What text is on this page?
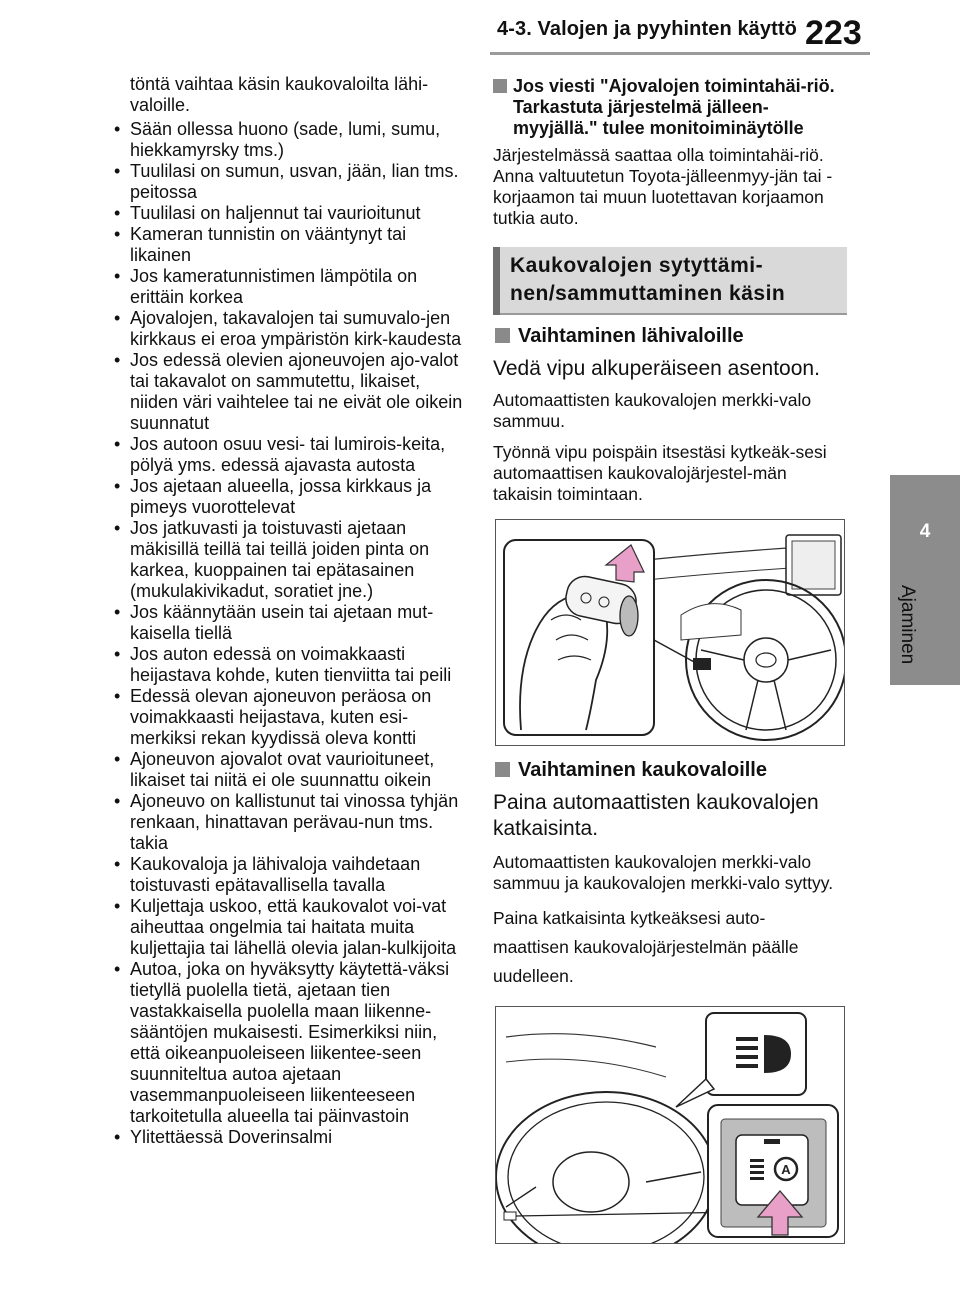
4-3. Valojen ja pyyhinten käyttö 223
4
Ajaminen
töntä vaihtaa käsin kaukovaloilta lähi-valoille.
• Sään ollessa huono (sade, lumi, sumu, hiekkamyrsky tms.)
• Tuulilasi on sumun, usvan, jään, lian tms. peitossa
• Tuulilasi on haljennut tai vaurioitunut
• Kameran tunnistin on vääntynyt tai likainen
• Jos kameratunnistimen lämpötila on erittäin korkea
• Ajovalojen, takavalojen tai sumuvalo-jen kirkkaus ei eroa ympäristön kirk-kaudesta
• Jos edessä olevien ajoneuvojen ajo-valot tai takavalot on sammutettu, likaiset, niiden väri vaihtelee tai ne eivät ole oikein suunnatut
• Jos autoon osuu vesi- tai lumirois-keita, pölyä yms. edessä ajavasta autosta
• Jos ajetaan alueella, jossa kirkkaus ja pimeys vuorottelevat
• Jos jatkuvasti ja toistuvasti ajetaan mäkisillä teillä tai teillä joiden pinta on karkea, kuoppainen tai epätasainen (mukulakivikadut, soratiet jne.)
• Jos käännytään usein tai ajetaan mut-kaisella tiellä
• Jos auton edessä on voimakkaasti heijastava kohde, kuten tienviitta tai peili
• Edessä olevan ajoneuvon peräosa on voimakkaasti heijastava, kuten esi-merkiksi rekan kyydissä oleva kontti
• Ajoneuvon ajovalot ovat vaurioituneet, likaiset tai niitä ei ole suunnattu oikein
• Ajoneuvo on kallistunut tai vinossa tyhjän renkaan, hinattavan perävau-nun tms. takia
• Kaukovaloja ja lähivaloja vaihdetaan toistuvasti epätavallisella tavalla
• Kuljettaja uskoo, että kaukovalot voi-vat aiheuttaa ongelmia tai haitata muita kuljettajia tai lähellä olevia jalan-kulkijoita
• Autoa, joka on hyväksytty käytettä-väksi tietyllä puolella tietä, ajetaan tien vastakkaisella puolella maan liikenne-sääntöjen mukaisesti. Esimerkiksi niin, että oikeanpuoleiseen liikentee-seen suunniteltua autoa ajetaan vasemmanpuoleiseen liikenteeseen tarkoitetulla alueella tai päinvastoin
• Ylitettäessä Doverinsalmi
Jos viesti "Ajovalojen toimintahäi-riö. Tarkastuta järjestelmä jälleen-myyjällä." tulee monitoiminäytölle
Järjestelmässä saattaa olla toimintahäi-riö. Anna valtuutetun Toyota-jälleenmyy-jän tai -korjaamon tai muun luotettavan korjaamon tutkia auto.
Kaukovalojen sytyttämi-
nen/sammuttaminen käsin
Vaihtaminen lähivaloille
Vedä vipu alkuperäiseen asentoon.
Automaattisten kaukovalojen merkki-valo sammuu.
Työnnä vipu poispäin itsestäsi kytkeäk-sesi automaattisen kaukovalojärjestel-män takaisin toimintaan.
Vaihtaminen kaukovaloille
Paina automaattisten kaukovalojen katkaisinta.
Automaattisten kaukovalojen merkki-valo sammuu ja kaukovalojen merkki-valo syttyy.
Paina katkaisinta kytkeäksesi auto-
maattisen kaukovalojärjestelmän päälle
uudelleen.
A
